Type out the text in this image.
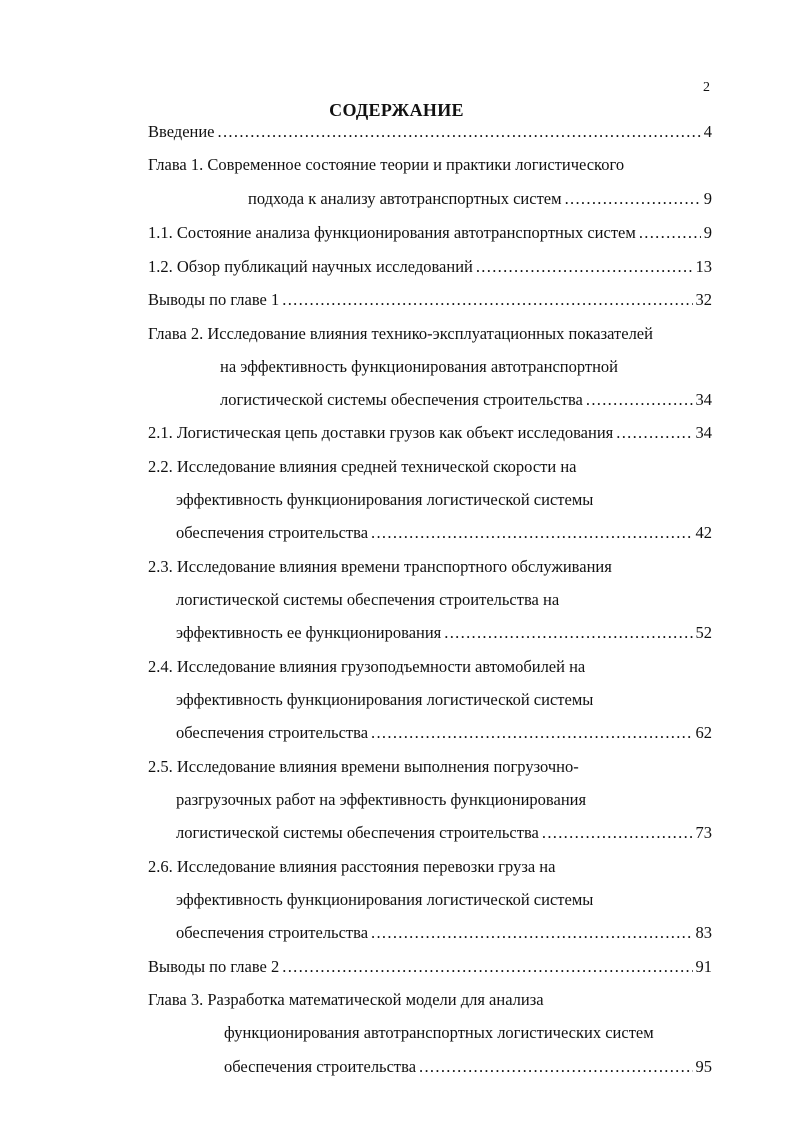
2
СОДЕРЖАНИЕ
Введение . . .	4
Глава 1. Современное состояние теории и практики логистического
подхода к анализу автотранспортных систем . . .	9
1.1. Состояние анализа функционирования автотранспортных систем . . .	9
1.2. Обзор публикаций научных исследований . . .	13
Выводы по главе 1 . . .	32
Глава 2. Исследование влияния технико-эксплуатационных показателей
на эффективность функционирования автотранспортной
логистической системы обеспечения строительства . . .	34
2.1. Логистическая цепь доставки грузов как объект исследования . . .	34
2.2. Исследование влияния средней технической скорости на
эффективность функционирования логистической системы
обеспечения строительства . . .	42
2.3. Исследование влияния времени транспортного обслуживания
логистической системы обеспечения строительства на
эффективность ее функционирования . . .	52
2.4. Исследование влияния грузоподъемности автомобилей на
эффективность функционирования логистической системы
обеспечения строительства . . .	62
2.5. Исследование влияния времени выполнения погрузочно-
разгрузочных работ на эффективность функционирования
логистической системы обеспечения строительства . . .	73
2.6. Исследование влияния расстояния перевозки груза на
эффективность функционирования логистической системы
обеспечения строительства . . .	83
Выводы по главе 2 . . .	91
Глава 3. Разработка математической модели для анализа
функционирования автотранспортных логистических систем
обеспечения строительства . . .	95
